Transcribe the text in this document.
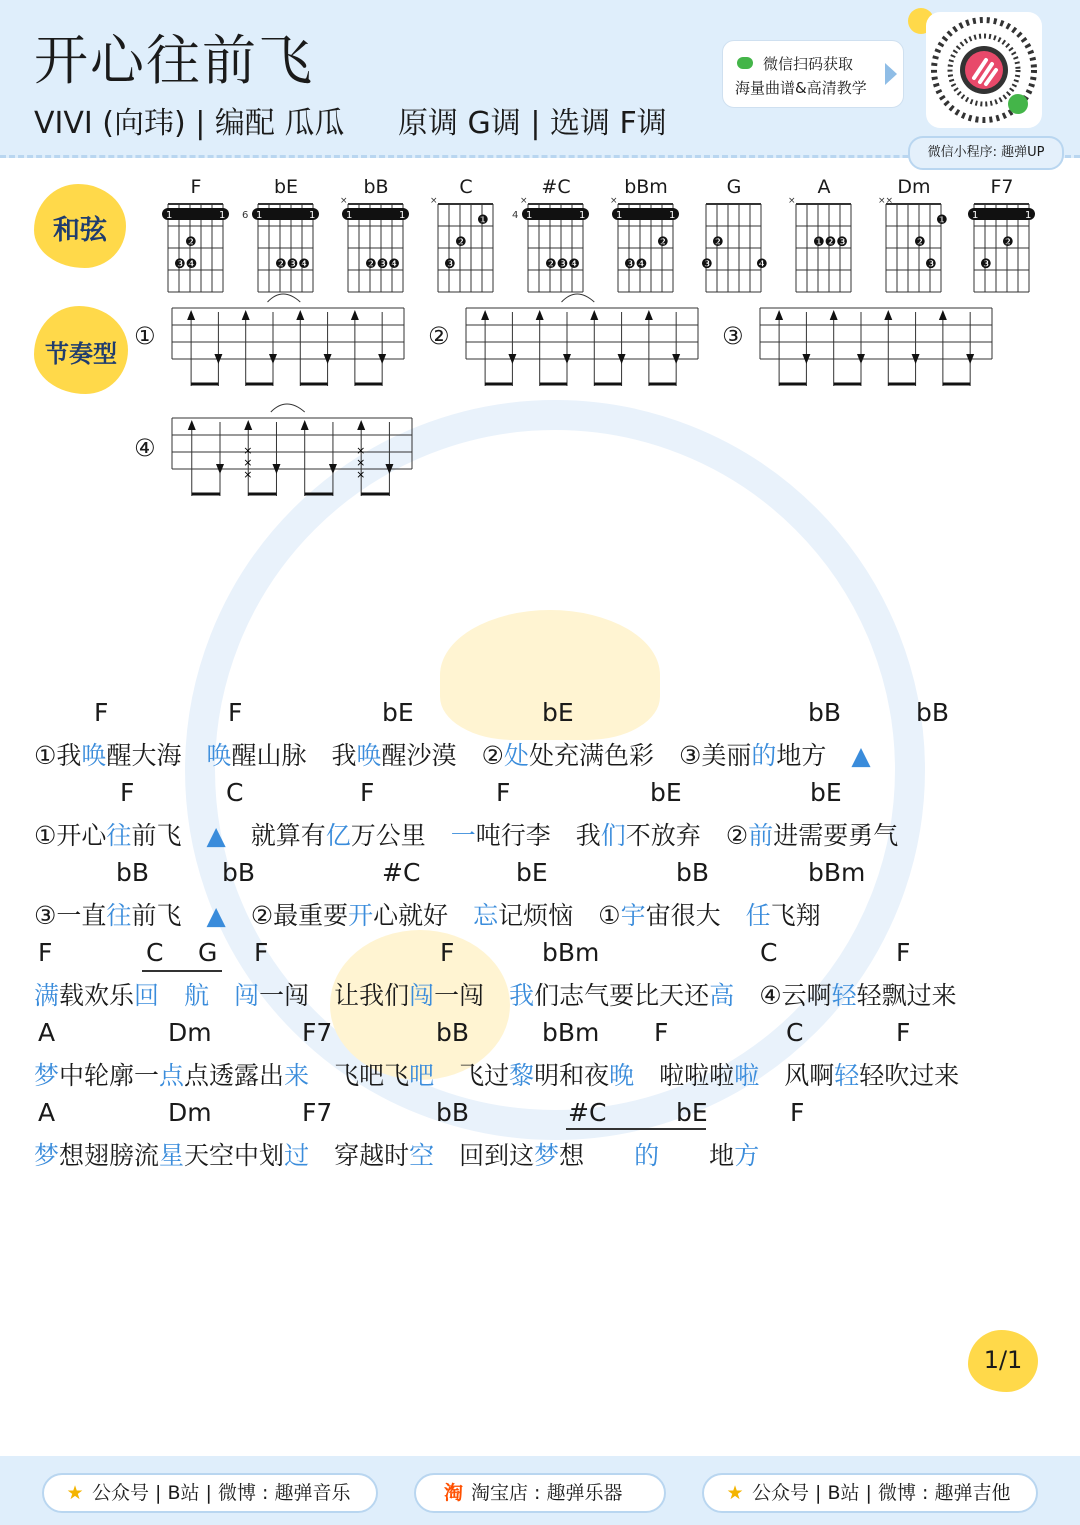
开心往前飞
VIVI (向玮) | 编配 瓜瓜 原调 G调 | 选调 F调
微信扫码获取
海量曲谱&高清教学
微信小程序: 趣弹UP
和弦
节奏型
F
1	1
❷
❸❹
bE
1	1
6
❷❸❹
bB
1	1
×
❷❸❹
C
×
❶
❷
❸
#C
1	1
×
4
❷❸❹
bBm
1	1
×
❷
❸❹
G
❷
❸	❹
A
×
❶❷❸
Dm
××
❶
❷
❸
F7
1	1
❷
❸
①	②	③
④	×
×
×
×
×
×
F	F	bE	bE	bB	bB
①我唤醒大海　唤醒山脉　我唤醒沙漠　②处处充满色彩　③美丽的地方　▲
F	C	F	F	bE	bE
①开心往前飞　▲　就算有亿万公里　一吨行李　我们不放弃　②前进需要勇气
bB	bB	#C	bE	bB	bBm
③一直往前飞　▲　②最重要开心就好　忘记烦恼　①宇宙很大　任飞翔
F	C G F	F	bBm	C	F
满载欢乐回　 航　 闯一闯　让我们闯一闯　我们志气要比天还高　④云啊轻轻飘过来
A	Dm	F7	bB	bBm F	C	F
梦中轮廓一点点透露出来　飞吧飞吧　飞过黎明和夜晚　啦啦啦啦　风啊轻轻吹过来
A	Dm	F7	bB	#C	bE	F
梦想翅膀流星天空中划过　穿越时空　回到这梦想　　的　　地方
1/1
★ 公众号 | B站 | 微博 : 趣弹音乐	淘 淘宝店 : 趣弹乐器	★ 公众号 | B站 | 微博 : 趣弹吉他
